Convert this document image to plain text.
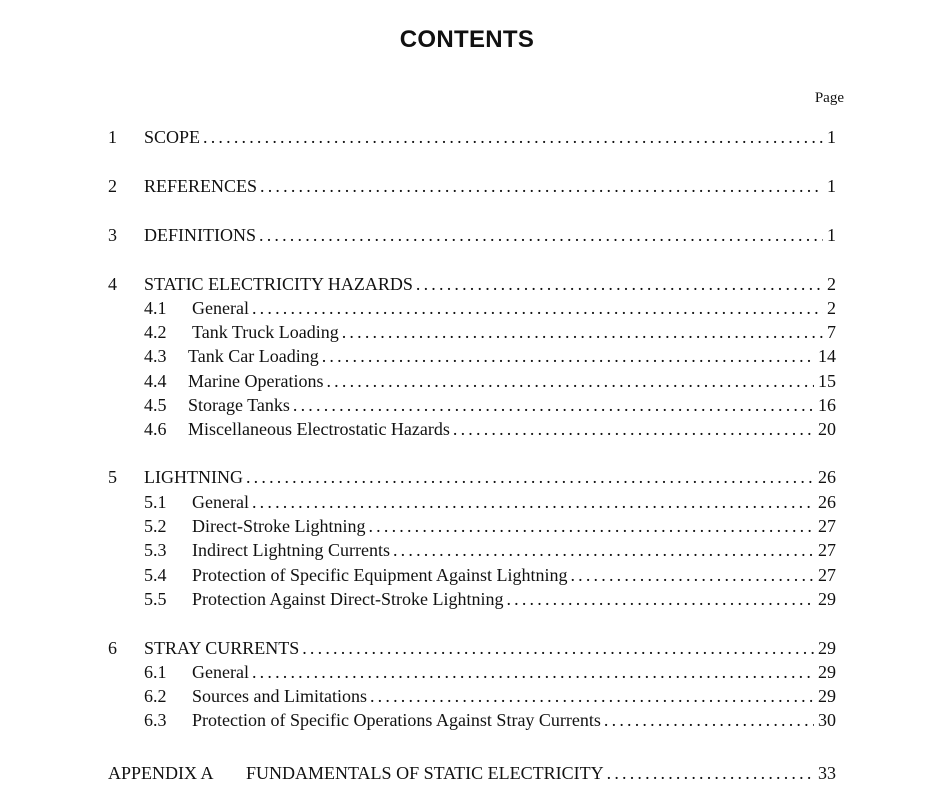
CONTENTS
Page
1	SCOPE .....	1
2	REFERENCES .....	1
3	DEFINITIONS .....	1
4	STATIC ELECTRICITY HAZARDS .....	2
4.1	General .....	2
4.2	Tank Truck Loading .....	7
4.3	Tank Car Loading .....	14
4.4	Marine Operations .....	15
4.5	Storage Tanks .....	16
4.6	Miscellaneous Electrostatic Hazards .....	20
5	LIGHTNING .....	26
5.1	General .....	26
5.2	Direct-Stroke Lightning .....	27
5.3	Indirect Lightning Currents .....	27
5.4	Protection of Specific Equipment Against Lightning .....	27
5.5	Protection Against Direct-Stroke Lightning .....	29
6	STRAY CURRENTS .....	29
6.1	General .....	29
6.2	Sources and Limitations .....	29
6.3	Protection of Specific Operations Against Stray Currents .....	30
APPENDIX A	FUNDAMENTALS OF STATIC ELECTRICITY .....	33
